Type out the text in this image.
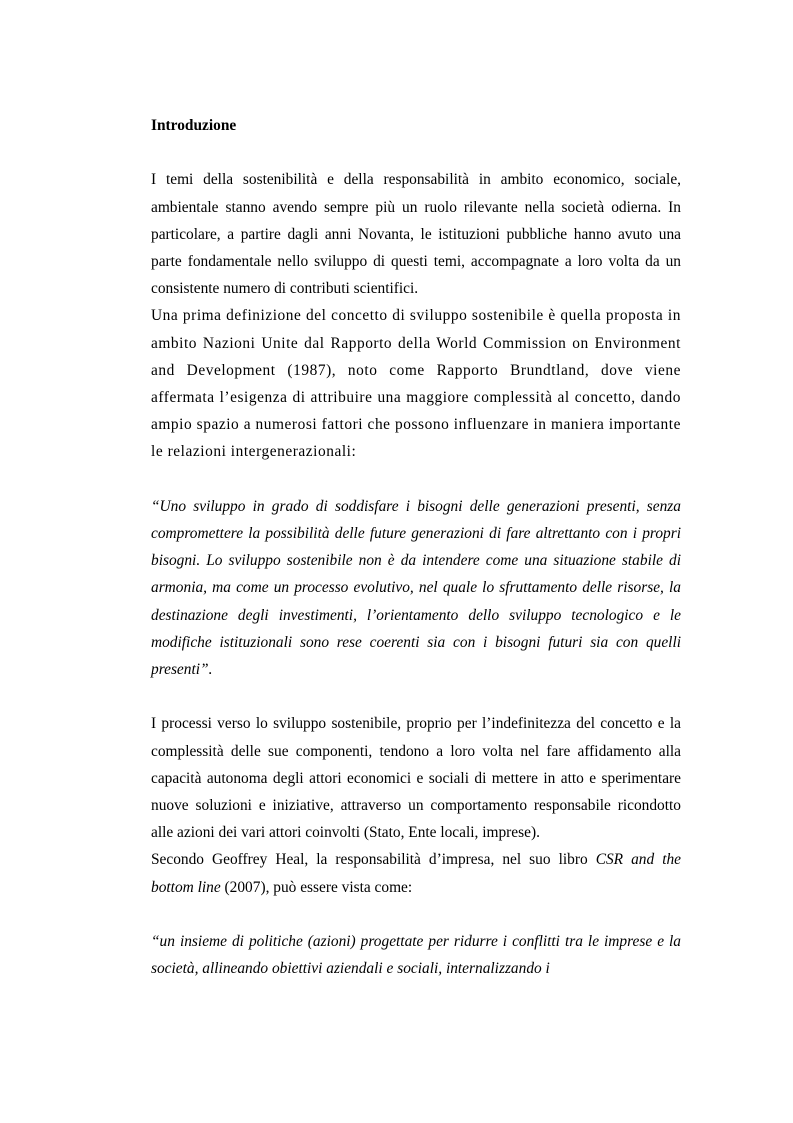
Introduzione

I temi della sostenibilità e della responsabilità in ambito economico, sociale, ambientale stanno avendo sempre più un ruolo rilevante nella società odierna. In particolare, a partire dagli anni Novanta, le istituzioni pubbliche hanno avuto una parte fondamentale nello sviluppo di questi temi, accompagnate a loro volta da un consistente numero di contributi scientifici.

Una prima definizione del concetto di sviluppo sostenibile è quella proposta in ambito Nazioni Unite dal Rapporto della World Commission on Environment and Development (1987), noto come Rapporto Brundtland, dove viene affermata l’esigenza di attribuire una maggiore complessità al concetto, dando ampio spazio a numerosi fattori che possono influenzare in maniera importante le relazioni intergenerazionali:

“Uno sviluppo in grado di soddisfare i bisogni delle generazioni presenti, senza compromettere la possibilità delle future generazioni di fare altrettanto con i propri bisogni. Lo sviluppo sostenibile non è da intendere come una situazione stabile di armonia, ma come un processo evolutivo, nel quale lo sfruttamento delle risorse, la destinazione degli investimenti, l’orientamento dello sviluppo tecnologico e le modifiche istituzionali sono rese coerenti sia con i bisogni futuri sia con quelli presenti”.

I processi verso lo sviluppo sostenibile, proprio per l’indefinitezza del concetto e la complessità delle sue componenti, tendono a loro volta nel fare affidamento alla capacità autonoma degli attori economici e sociali di mettere in atto e sperimentare nuove soluzioni e iniziative, attraverso un comportamento responsabile ricondotto alle azioni dei vari attori coinvolti (Stato, Ente locali, imprese).

Secondo Geoffrey Heal, la responsabilità d’impresa, nel suo libro CSR and the bottom line (2007), può essere vista come:

“un insieme di politiche (azioni) progettate per ridurre i conflitti tra le imprese e la società, allineando obiettivi aziendali e sociali, internalizzando i
